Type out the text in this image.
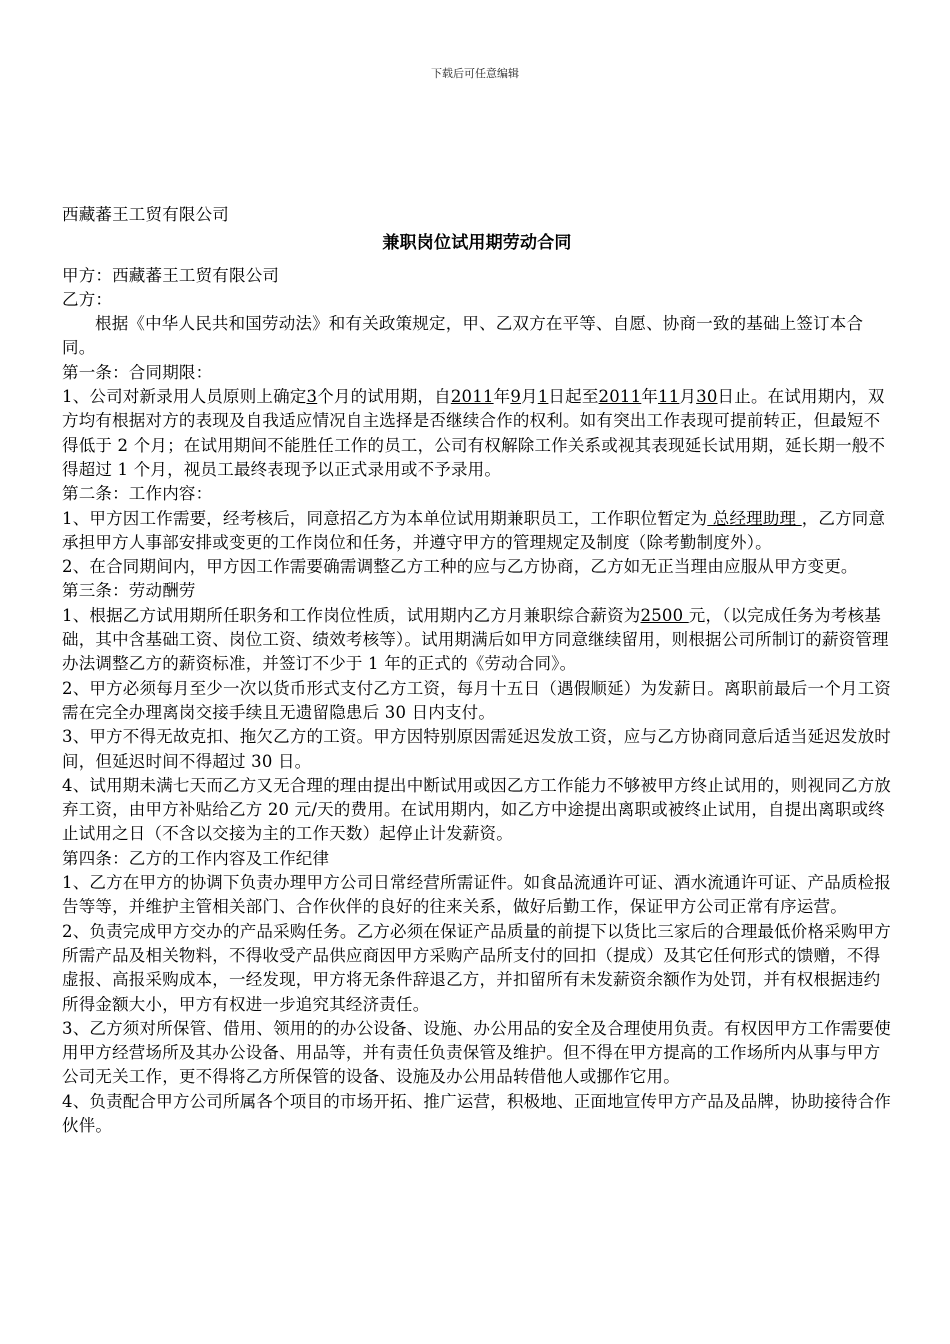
下载后可任意编辑

西藏蕃王工贸有限公司

兼职岗位试用期劳动合同

甲方：西藏蕃王工贸有限公司

乙方：

根据《中华人民共和国劳动法》和有关政策规定，甲、乙双方在平等、自愿、协商一致的基础上签订本合同。

第一条：合同期限：

1、公司对新录用人员原则上确定3个月的试用期，自2011年9月1日起至2011年11月30日止。在试用期内，双方均有根据对方的表现及自我适应情况自主选择是否继续合作的权利。如有突出工作表现可提前转正，但最短不得低于 2 个月；在试用期间不能胜任工作的员工，公司有权解除工作关系或视其表现延长试用期，延长期一般不得超过 1 个月，视员工最终表现予以正式录用或不予录用。

第二条：工作内容：

1、甲方因工作需要，经考核后，同意招乙方为本单位试用期兼职员工，工作职位暂定为 总经理助理 ，乙方同意承担甲方人事部安排或变更的工作岗位和任务，并遵守甲方的管理规定及制度（除考勤制度外）。

2、在合同期间内，甲方因工作需要确需调整乙方工种的应与乙方协商，乙方如无正当理由应服从甲方变更。

第三条：劳动酬劳

1、根据乙方试用期所任职务和工作岗位性质，试用期内乙方月兼职综合薪资为2500 元，（以完成任务为考核基础，其中含基础工资、岗位工资、绩效考核等）。试用期满后如甲方同意继续留用，则根据公司所制订的薪资管理办法调整乙方的薪资标准，并签订不少于 1 年的正式的《劳动合同》。

2、甲方必须每月至少一次以货币形式支付乙方工资，每月十五日（遇假顺延）为发薪日。离职前最后一个月工资需在完全办理离岗交接手续且无遗留隐患后 30 日内支付。

3、甲方不得无故克扣、拖欠乙方的工资。甲方因特别原因需延迟发放工资，应与乙方协商同意后适当延迟发放时间，但延迟时间不得超过 30 日。

4、试用期未满七天而乙方又无合理的理由提出中断试用或因乙方工作能力不够被甲方终止试用的，则视同乙方放弃工资，由甲方补贴给乙方 20 元/天的费用。在试用期内，如乙方中途提出离职或被终止试用，自提出离职或终止试用之日（不含以交接为主的工作天数）起停止计发薪资。

第四条：乙方的工作内容及工作纪律

1、乙方在甲方的协调下负责办理甲方公司日常经营所需证件。如食品流通许可证、酒水流通许可证、产品质检报告等等，并维护主管相关部门、合作伙伴的良好的往来关系，做好后勤工作，保证甲方公司正常有序运营。

2、负责完成甲方交办的产品采购任务。乙方必须在保证产品质量的前提下以货比三家后的合理最低价格采购甲方所需产品及相关物料，不得收受产品供应商因甲方采购产品所支付的回扣（提成）及其它任何形式的馈赠，不得虚报、高报采购成本，一经发现，甲方将无条件辞退乙方，并扣留所有未发薪资余额作为处罚，并有权根据违约所得金额大小，甲方有权进一步追究其经济责任。

3、乙方须对所保管、借用、领用的的办公设备、设施、办公用品的安全及合理使用负责。有权因甲方工作需要使用甲方经营场所及其办公设备、用品等，并有责任负责保管及维护。但不得在甲方提高的工作场所内从事与甲方公司无关工作，更不得将乙方所保管的设备、设施及办公用品转借他人或挪作它用。

4、负责配合甲方公司所属各个项目的市场开拓、推广运营，积极地、正面地宣传甲方产品及品牌，协助接待合作伙伴。
